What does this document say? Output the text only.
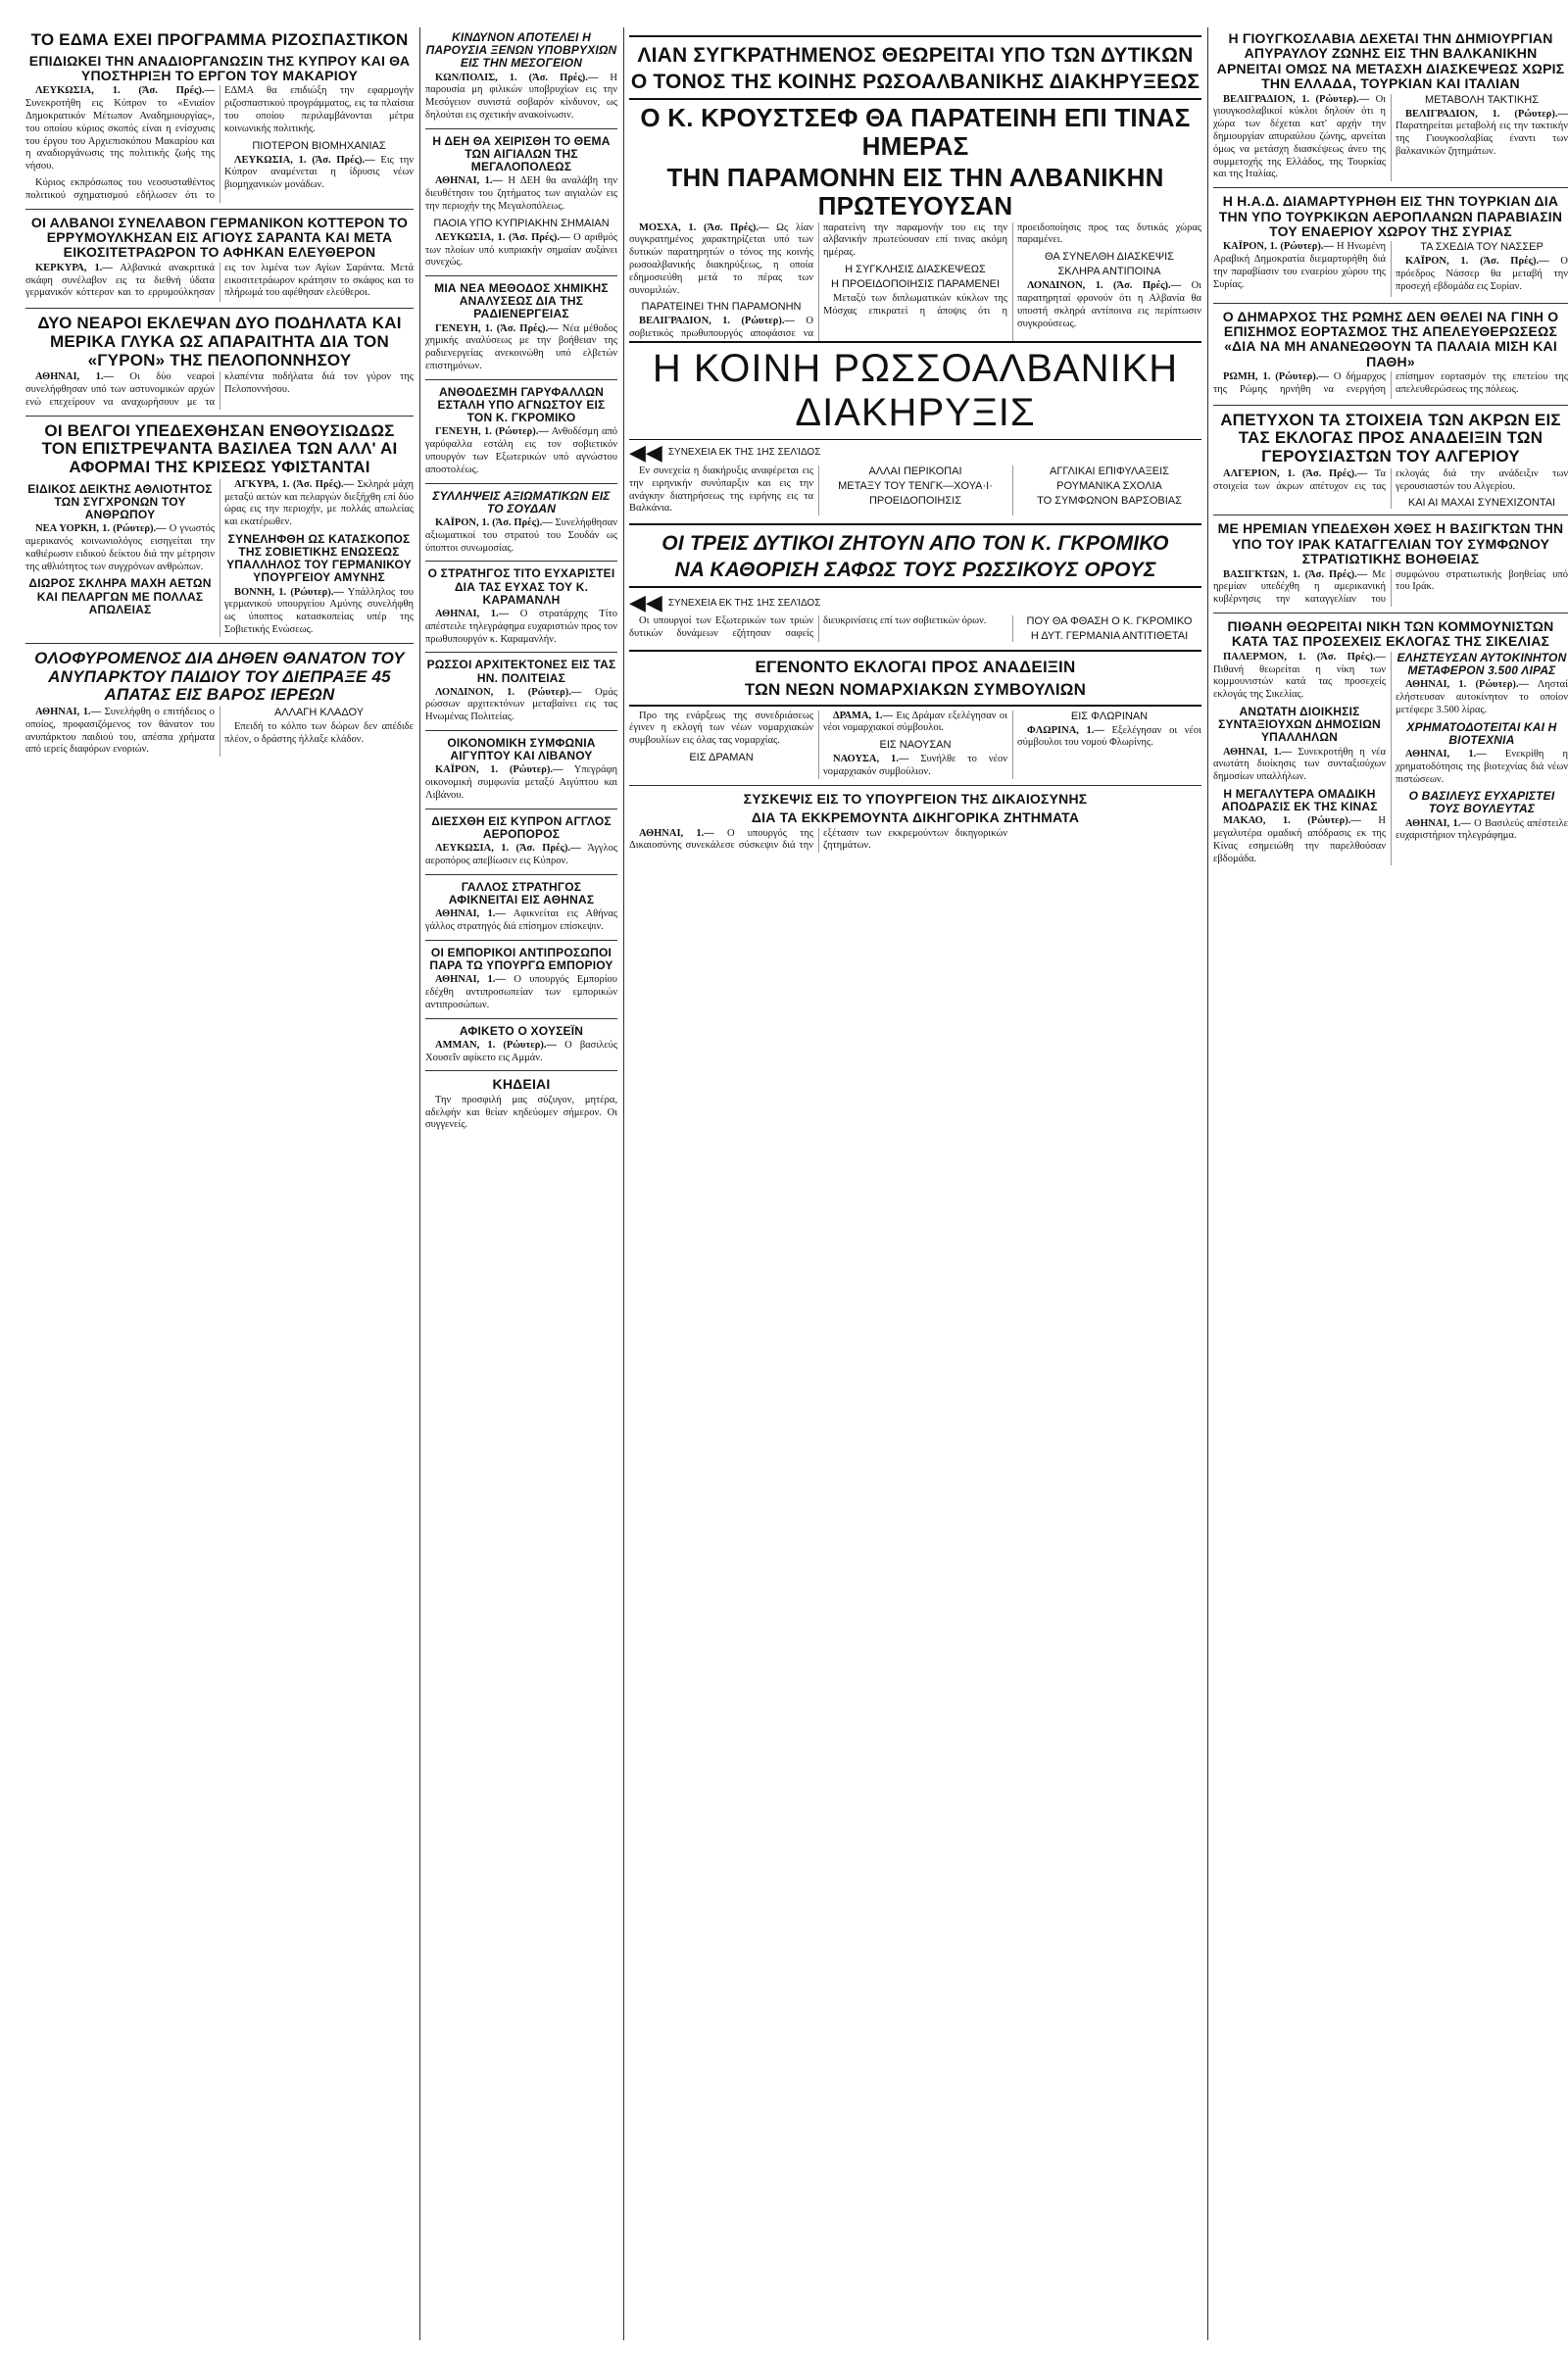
ΤΟ ΕΔΜΑ ΕΧΕΙ ΠΡΟΓΡΑΜΜΑ ΡΙΖΟΣΠΑΣΤΙΚΟΝ
ΕΠΙΔΙΩΚΕΙ ΤΗΝ ΑΝΑΔΙΟΡΓΑΝΩΣΙΝ ΤΗΣ ΚΥΠΡΟΥ ΚΑΙ ΘΑ ΥΠΟΣΤΗΡΙΞΗ ΤΟ ΕΡΓΟΝ ΤΟΥ ΜΑΚΑΡΙΟΥ

ΛΕΥΚΩΣΙΑ, 1. (Άσ. Πρές).— Συνεκροτήθη εις Κύπρον το «Ενιαίον Δημοκρατικόν Μέτωπον Αναδημιουργίας», του οποίου κύριος σκοπός είναι η ενίσχυσις του έργου του Αρχιεπισκόπου Μακαρίου και η αναδιοργάνωσις της πολιτικής ζωής της νήσου.

Κύριος εκπρόσωπος του νεοσυσταθέντος πολιτικού σχηματισμού εδήλωσεν ότι το ΕΔΜΑ θα επιδιώξη την εφαρμογήν ριζοσπαστικού προγράμματος, εις τα πλαίσια του οποίου περιλαμβάνονται μέτρα κοινωνικής πολιτικής.

ΠΙΟΤΕΡΟΝ ΒΙΟΜΗΧΑΝΙΑΣ

ΛΕΥΚΩΣΙΑ, 1. (Άσ. Πρές).— Εις την Κύπρον αναμένεται η ίδρυσις νέων βιομηχανικών μονάδων.

ΟΙ ΑΛΒΑΝΟΙ ΣΥΝΕΛΑΒΟΝ ΓΕΡΜΑΝΙΚΟΝ ΚΟΤΤΕΡΟΝ ΤΟ ΕΡΡΥΜΟΥΛΚΗΣΑΝ ΕΙΣ ΑΓΙΟΥΣ ΣΑΡΑΝΤΑ ΚΑΙ ΜΕΤΑ ΕΙΚΟΣΙΤΕΤΡΑΩΡΟΝ ΤΟ ΑΦΗΚΑΝ ΕΛΕΥΘΕΡΟΝ

ΚΕΡΚΥΡΑ, 1.— Αλβανικά ανακριτικά σκάφη συνέλαβον εις τα διεθνή ύδατα γερμανικόν κόττερον και το ερρυμούλκησαν εις τον λιμένα των Αγίων Σαράντα. Μετά εικοσιτετράωρον κράτησιν το σκάφος και το πλήρωμά του αφέθησαν ελεύθεροι.

ΔΥΟ ΝΕΑΡΟΙ ΕΚΛΕΨΑΝ ΔΥΟ ΠΟΔΗΛΑΤΑ ΚΑΙ ΜΕΡΙΚΑ ΓΛΥΚΑ ΩΣ ΑΠΑΡΑΙΤΗΤΑ ΔΙΑ ΤΟΝ «ΓΥΡΟΝ» ΤΗΣ ΠΕΛΟΠΟΝΝΗΣΟΥ

ΑΘΗΝΑΙ, 1.— Οι δύο νεαροί συνελήφθησαν υπό των αστυνομικών αρχών ενώ επεχείρουν να αναχωρήσουν με τα κλαπέντα ποδήλατα διά τον γύρον της Πελοποννήσου.

ΟΙ ΒΕΛΓΟΙ ΥΠΕΔΕΧΘΗΣΑΝ ΕΝΘΟΥΣΙΩΔΩΣ ΤΟΝ ΕΠΙΣΤΡΕΨΑΝΤΑ ΒΑΣΙΛΕΑ ΤΩΝ ΑΛΛ' ΑΙ ΑΦΟΡΜΑΙ ΤΗΣ ΚΡΙΣΕΩΣ ΥΦΙΣΤΑΝΤΑΙ
ΕΙΔΙΚΟΣ ΔΕΙΚΤΗΣ ΑΘΛΙΟΤΗΤΟΣ ΤΩΝ ΣΥΓΧΡΟΝΩΝ ΤΟΥ ΑΝΘΡΩΠΟΥ

ΝΕΑ ΥΟΡΚΗ, 1. (Ρώυτερ).— Ο γνωστός αμερικανός κοινωνιολόγος εισηγείται την καθιέρωσιν ειδικού δείκτου διά την μέτρησιν της αθλιότητος των συγχρόνων ανθρώπων.

ΔΙΩΡΟΣ ΣΚΛΗΡΑ ΜΑΧΗ ΑΕΤΩΝ ΚΑΙ ΠΕΛΑΡΓΩΝ ΜΕ ΠΟΛΛΑΣ ΑΠΩΛΕΙΑΣ

ΑΓΚΥΡΑ, 1. (Άσ. Πρές).— Σκληρά μάχη μεταξύ αετών και πελαργών διεξήχθη επί δύο ώρας εις την περιοχήν, με πολλάς απωλείας και εκατέρωθεν.

ΣΥΝΕΛΗΦΘΗ ΩΣ ΚΑΤΑΣΚΟΠΟΣ ΤΗΣ ΣΟΒΙΕΤΙΚΗΣ ΕΝΩΣΕΩΣ ΥΠΑΛΛΗΛΟΣ ΤΟΥ ΓΕΡΜΑΝΙΚΟΥ ΥΠΟΥΡΓΕΙΟΥ ΑΜΥΝΗΣ

ΒΟΝΝΗ, 1. (Ρώυτερ).— Υπάλληλος του γερμανικού υπουργείου Αμύνης συνελήφθη ως ύποπτος κατασκοπείας υπέρ της Σοβιετικής Ενώσεως.

ΟΛΟΦΥΡΟΜΕΝΟΣ ΔΙΑ ΔΗΘΕΝ ΘΑΝΑΤΟΝ ΤΟΥ ΑΝΥΠΑΡΚΤΟΥ ΠΑΙΔΙΟΥ ΤΟΥ ΔΙΕΠΡΑΞΕ 45 ΑΠΑΤΑΣ ΕΙΣ ΒΑΡΟΣ ΙΕΡΕΩΝ

ΑΘΗΝΑΙ, 1.— Συνελήφθη ο επιτήδειος ο οποίος, προφασιζόμενος τον θάνατον του ανυπάρκτου παιδιού του, απέσπα χρήματα από ιερείς διαφόρων ενοριών.

ΑΛΛΑΓΗ ΚΛΑΔΟΥ

Επειδή το κόλπο των δώρων δεν απέδιδε πλέον, ο δράστης ήλλαξε κλάδον.

ΚΙΝΔΥΝΟΝ ΑΠΟΤΕΛΕΙ Η ΠΑΡΟΥΣΙΑ ΞΕΝΩΝ ΥΠΟΒΡΥΧΙΩΝ ΕΙΣ ΤΗΝ ΜΕΣΟΓΕΙΟΝ

ΚΩΝ/ΠΟΛΙΣ, 1. (Άσ. Πρές).— Η παρουσία μη φιλικών υποβρυχίων εις την Μεσόγειον συνιστά σοβαρόν κίνδυνον, ως δηλούται εις σχετικήν ανακοίνωσιν.

Η ΔΕΗ ΘΑ ΧΕΙΡΙΣΘΗ ΤΟ ΘΕΜΑ ΤΩΝ ΑΙΓΙΑΛΩΝ ΤΗΣ ΜΕΓΑΛΟΠΟΛΕΩΣ

ΑΘΗΝΑΙ, 1.— Η ΔΕΗ θα αναλάβη την διευθέτησιν του ζητήματος των αιγιαλών εις την περιοχήν της Μεγαλοπόλεως.

ΠΑΟΙΑ ΥΠΟ ΚΥΠΡΙΑΚΗΝ ΣΗΜΑΙΑΝ

ΛΕΥΚΩΣΙΑ, 1. (Άσ. Πρές).— Ο αριθμός των πλοίων υπό κυπριακήν σημαίαν αυξάνει συνεχώς.

ΜΙΑ ΝΕΑ ΜΕΘΟΔΟΣ ΧΗΜΙΚΗΣ ΑΝΑΛΥΣΕΩΣ ΔΙΑ ΤΗΣ ΡΑΔΙΕΝΕΡΓΕΙΑΣ

ΓΕΝΕΥΗ, 1. (Άσ. Πρές).— Νέα μέθοδος χημικής αναλύσεως με την βοήθειαν της ραδιενεργείας ανεκοινώθη υπό ελβετών επιστημόνων.

ΑΝΘΟΔΕΣΜΗ ΓΑΡΥΦΑΛΛΩΝ ΕΣΤΑΛΗ ΥΠΟ ΑΓΝΩΣΤΟΥ ΕΙΣ ΤΟΝ Κ. ΓΚΡΟΜΙΚΟ

ΓΕΝΕΥΗ, 1. (Ρώυτερ).— Ανθοδέσμη από γαρύφαλλα εστάλη εις τον σοβιετικόν υπουργόν των Εξωτερικών υπό αγνώστου αποστολέως.

ΣΥΛΛΗΨΕΙΣ ΑΞΙΩΜΑΤΙΚΩΝ ΕΙΣ ΤΟ ΣΟΥΔΑΝ

ΚΑΪΡΟΝ, 1. (Άσ. Πρές).— Συνελήφθησαν αξιωματικοί του στρατού του Σουδάν ως ύποπτοι συνωμοσίας.

Ο ΣΤΡΑΤΗΓΟΣ ΤΙΤΟ ΕΥΧΑΡΙΣΤΕΙ ΔΙΑ ΤΑΣ ΕΥΧΑΣ ΤΟΥ Κ. ΚΑΡΑΜΑΝΛΗ

ΑΘΗΝΑΙ, 1.— Ο στρατάρχης Τίτο απέστειλε τηλεγράφημα ευχαριστιών προς τον πρωθυπουργόν κ. Καραμανλήν.

ΡΩΣΣΟΙ ΑΡΧΙΤΕΚΤΟΝΕΣ ΕΙΣ ΤΑΣ ΗΝ. ΠΟΛΙΤΕΙΑΣ

ΛΟΝΔΙΝΟΝ, 1. (Ρώυτερ).— Ομάς ρώσσων αρχιτεκτόνων μεταβαίνει εις τας Ηνωμένας Πολιτείας.

ΟΙΚΟΝΟΜΙΚΗ ΣΥΜΦΩΝΙΑ ΑΙΓΥΠΤΟΥ ΚΑΙ ΛΙΒΑΝΟΥ

ΚΑΪΡΟΝ, 1. (Ρώυτερ).— Υπεγράφη οικονομική συμφωνία μεταξύ Αιγύπτου και Λιβάνου.

ΔΙΕΣΧΘΗ ΕΙΣ ΚΥΠΡΟΝ ΑΓΓΛΟΣ ΑΕΡΟΠΟΡΟΣ

ΛΕΥΚΩΣΙΑ, 1. (Άσ. Πρές).— Άγγλος αεροπόρος απεβίωσεν εις Κύπρον.

ΓΑΛΛΟΣ ΣΤΡΑΤΗΓΟΣ ΑΦΙΚΝΕΙΤΑΙ ΕΙΣ ΑΘΗΝΑΣ

ΑΘΗΝΑΙ, 1.— Αφικνείται εις Αθήνας γάλλος στρατηγός διά επίσημον επίσκεψιν.

ΟΙ ΕΜΠΟΡΙΚΟΙ ΑΝΤΙΠΡΟΣΩΠΟΙ ΠΑΡΑ ΤΩ ΥΠΟΥΡΓΩ ΕΜΠΟΡΙΟΥ

ΑΘΗΝΑΙ, 1.— Ο υπουργός Εμπορίου εδέχθη αντιπροσωπείαν των εμπορικών αντιπροσώπων.

ΑΦΙΚΕΤΟ Ο ΧΟΥΣΕΪΝ

ΑΜΜΑΝ, 1. (Ρώυτερ).— Ο βασιλεύς Χουσεΐν αφίκετο εις Αμμάν.

ΚΗΔΕΙΑΙ

Την προσφιλή μας σύζυγον, μητέρα, αδελφήν και θείαν κηδεύομεν σήμερον. Οι συγγενείς.

ΛΙΑΝ ΣΥΓΚΡΑΤΗΜΕΝΟΣ ΘΕΩΡΕΙΤΑΙ ΥΠΟ ΤΩΝ ΔΥΤΙΚΩΝ
Ο ΤΟΝΟΣ ΤΗΣ ΚΟΙΝΗΣ ΡΩΣΟΑΛΒΑΝΙΚΗΣ ΔΙΑΚΗΡΥΞΕΩΣ
Ο Κ. ΚΡΟΥΣΤΣΕΦ ΘΑ ΠΑΡΑΤΕΙΝΗ ΕΠΙ ΤΙΝΑΣ ΗΜΕΡΑΣ
ΤΗΝ ΠΑΡΑΜΟΝΗΝ ΕΙΣ ΤΗΝ ΑΛΒΑΝΙΚΗΝ ΠΡΩΤΕΥΟΥΣΑΝ

ΜΟΣΧΑ, 1. (Άσ. Πρές).— Ως λίαν συγκρατημένος χαρακτηρίζεται υπό των δυτικών παρατηρητών ο τόνος της κοινής ρωσοαλβανικής διακηρύξεως, η οποία εδημοσιεύθη μετά το πέρας των συνομιλιών.

ΠΑΡΑΤΕΙΝΕΙ ΤΗΝ ΠΑΡΑΜΟΝΗΝ

ΒΕΛΙΓΡΑΔΙΟΝ, 1. (Ρώυτερ).— Ο σοβιετικός πρωθυπουργός αποφάσισε να παρατείνη την παραμονήν του εις την αλβανικήν πρωτεύουσαν επί τινας ακόμη ημέρας.

Η ΣΥΓΚΛΗΣΙΣ ΔΙΑΣΚΕΨΕΩΣ
Η ΠΡΟΕΙΔΟΠΟΙΗΣΙΣ ΠΑΡΑΜΕΝΕΙ

Μεταξύ των διπλωματικών κύκλων της Μόσχας επικρατεί η άποψις ότι η προειδοποίησις προς τας δυτικάς χώρας παραμένει.

ΘΑ ΣΥΝΕΛΘΗ ΔΙΑΣΚΕΨΙΣ
ΣΚΛΗΡΑ ΑΝΤΙΠΟΙΝΑ

ΛΟΝΔΙΝΟΝ, 1. (Άσ. Πρές).— Οι παρατηρηταί φρονούν ότι η Αλβανία θα υποστή σκληρά αντίποινα εις περίπτωσιν συγκρούσεως.

Η ΚΟΙΝΗ ΡΩΣΣΟΑΛΒΑΝΙΚΗ ΔΙΑΚΗΡΥΞΙΣ
◀◀ ΣΥΝΕΧΕΙΑ ΕΚ ΤΗΣ 1ΗΣ ΣΕΛΊΔΟΣ

Εν συνεχεία η διακήρυξις αναφέρεται εις την ειρηνικήν συνύπαρξιν και εις την ανάγκην διατηρήσεως της ειρήνης εις τα Βαλκάνια.

ΑΛΛΑΙ ΠΕΡΙΚΟΠΑΙ
ΜΕΤΑΞΥ ΤΟΥ ΤΕΝΓΚ—ΧΟΥΑ·Ι·
ΠΡΟΕΙΔΟΠΟΙΗΣΙΣ
ΑΓΓΛΙΚΑΙ ΕΠΙΦΥΛΑΞΕΙΣ
ΡΟΥΜΑΝΙΚΑ ΣΧΟΛΙΑ
ΤΟ ΣΥΜΦΩΝΟΝ ΒΑΡΣΟΒΙΑΣ
ΟΙ ΤΡΕΙΣ ΔΥΤΙΚΟΙ ΖΗΤΟΥΝ ΑΠΟ ΤΟΝ Κ. ΓΚΡΟΜΙΚΟ
ΝΑ ΚΑΘΟΡΙΣΗ ΣΑΦΩΣ ΤΟΥΣ ΡΩΣΣΙΚΟΥΣ ΟΡΟΥΣ
◀◀ ΣΥΝΕΧΕΙΑ ΕΚ ΤΗΣ 1ΗΣ ΣΕΛΊΔΟΣ

Οι υπουργοί των Εξωτερικών των τριών δυτικών δυνάμεων εζήτησαν σαφείς διευκρινίσεις επί των σοβιετικών όρων.	ΠΟΥ ΘΑ ΦΘΑΣΗ Ο Κ. ΓΚΡΟΜΙΚΟ
Η ΔΥΤ. ΓΕΡΜΑΝΙΑ ΑΝΤΙΤΙΘΕΤΑΙ
ΕΓΕΝΟΝΤΟ ΕΚΛΟΓΑΙ ΠΡΟΣ ΑΝΑΔΕΙΞΙΝ
ΤΩΝ ΝΕΩΝ ΝΟΜΑΡΧΙΑΚΩΝ ΣΥΜΒΟΥΛΙΩΝ

Προ της ενάρξεως της συνεδριάσεως έγινεν η εκλογή των νέων νομαρχιακών συμβουλίων εις όλας τας νομαρχίας.

ΕΙΣ ΔΡΑΜΑΝ

ΔΡΑΜΑ, 1.— Εις Δράμαν εξελέγησαν οι νέοι νομαρχιακοί σύμβουλοι.

ΕΙΣ ΝΑΟΥΣΑΝ

ΝΑΟΥΣΑ, 1.— Συνήλθε το νέον νομαρχιακόν συμβούλιον.

ΕΙΣ ΦΛΩΡΙΝΑΝ

ΦΛΩΡΙΝΑ, 1.— Εξελέγησαν οι νέοι σύμβουλοι του νομού Φλωρίνης.

ΣΥΣΚΕΨΙΣ ΕΙΣ ΤΟ ΥΠΟΥΡΓΕΙΟΝ ΤΗΣ ΔΙΚΑΙΟΣΥΝΗΣ
ΔΙΑ ΤΑ ΕΚΚΡΕΜΟΥΝΤΑ ΔΙΚΗΓΟΡΙΚΑ ΖΗΤΗΜΑΤΑ

ΑΘΗΝΑΙ, 1.— Ο υπουργός της Δικαιοσύνης συνεκάλεσε σύσκεψιν διά την εξέτασιν των εκκρεμούντων δικηγορικών ζητημάτων.

Η ΓΙΟΥΓΚΟΣΛΑΒΙΑ ΔΕΧΕΤΑΙ ΤΗΝ ΔΗΜΙΟΥΡΓΙΑΝ ΑΠΥΡΑΥΛΟΥ ΖΩΝΗΣ ΕΙΣ ΤΗΝ ΒΑΛΚΑΝΙΚΗΝ ΑΡΝΕΙΤΑΙ ΟΜΩΣ ΝΑ ΜΕΤΑΣΧΗ ΔΙΑΣΚΕΨΕΩΣ ΧΩΡΙΣ ΤΗΝ ΕΛΛΑΔΑ, ΤΟΥΡΚΙΑΝ ΚΑΙ ΙΤΑΛΙΑΝ

ΒΕΛΙΓΡΑΔΙΟΝ, 1. (Ρώυτερ).— Οι γιουγκοσλαβικοί κύκλοι δηλούν ότι η χώρα των δέχεται κατ' αρχήν την δημιουργίαν απυραύλου ζώνης, αρνείται όμως να μετάσχη διασκέψεως άνευ της συμμετοχής της Ελλάδος, της Τουρκίας και της Ιταλίας.

ΜΕΤΑΒΟΛΗ ΤΑΚΤΙΚΗΣ

ΒΕΛΙΓΡΑΔΙΟΝ, 1. (Ρώυτερ).— Παρατηρείται μεταβολή εις την τακτικήν της Γιουγκοσλαβίας έναντι των βαλκανικών ζητημάτων.

Η Η.Α.Δ. ΔΙΑΜΑΡΤΥΡΗΘΗ ΕΙΣ ΤΗΝ ΤΟΥΡΚΙΑΝ ΔΙΑ ΤΗΝ ΥΠΟ ΤΟΥΡΚΙΚΩΝ ΑΕΡΟΠΛΑΝΩΝ ΠΑΡΑΒΙΑΣΙΝ ΤΟΥ ΕΝΑΕΡΙΟΥ ΧΩΡΟΥ ΤΗΣ ΣΥΡΙΑΣ

ΚΑΪΡΟΝ, 1. (Ρώυτερ).— Η Ηνωμένη Αραβική Δημοκρατία διεμαρτυρήθη διά την παραβίασιν του εναερίου χώρου της Συρίας.

ΤΑ ΣΧΕΔΙΑ ΤΟΥ ΝΑΣΣΕΡ

ΚΑΪΡΟΝ, 1. (Άσ. Πρές).— Ο πρόεδρος Νάσσερ θα μεταβή την προσεχή εβδομάδα εις Συρίαν.

Ο ΔΗΜΑΡΧΟΣ ΤΗΣ ΡΩΜΗΣ ΔΕΝ ΘΕΛΕΙ ΝΑ ΓΙΝΗ Ο ΕΠΙΣΗΜΟΣ ΕΟΡΤΑΣΜΟΣ ΤΗΣ ΑΠΕΛΕΥΘΕΡΩΣΕΩΣ «ΔΙΑ ΝΑ ΜΗ ΑΝΑΝΕΩΘΟΥΝ ΤΑ ΠΑΛΑΙΑ ΜΙΣΗ ΚΑΙ ΠΑΘΗ»

ΡΩΜΗ, 1. (Ρώυτερ).— Ο δήμαρχος της Ρώμης ηρνήθη να ενεργήση επίσημον εορτασμόν της επετείου της απελευθερώσεως της πόλεως.

ΑΠΕΤΥΧΟΝ ΤΑ ΣΤΟΙΧΕΙΑ ΤΩΝ ΑΚΡΩΝ ΕΙΣ ΤΑΣ ΕΚΛΟΓΑΣ ΠΡΟΣ ΑΝΑΔΕΙΞΙΝ ΤΩΝ ΓΕΡΟΥΣΙΑΣΤΩΝ ΤΟΥ ΑΛΓΕΡΙΟΥ

ΑΛΓΕΡΙΟΝ, 1. (Άσ. Πρές).— Τα στοιχεία των άκρων απέτυχον εις τας εκλογάς διά την ανάδειξιν των γερουσιαστών του Αλγερίου.

ΚΑΙ ΑΙ ΜΑΧΑΙ ΣΥΝΕΧΙΖΟΝΤΑΙ
ΜΕ ΗΡΕΜΙΑΝ ΥΠΕΔΕΧΘΗ ΧΘΕΣ Η ΒΑΣΙΓΚΤΩΝ ΤΗΝ ΥΠΟ ΤΟΥ ΙΡΑΚ ΚΑΤΑΓΓΕΛΙΑΝ ΤΟΥ ΣΥΜΦΩΝΟΥ ΣΤΡΑΤΙΩΤΙΚΗΣ ΒΟΗΘΕΙΑΣ

ΒΑΣΙΓΚΤΩΝ, 1. (Άσ. Πρές).— Με ηρεμίαν υπεδέχθη η αμερικανική κυβέρνησις την καταγγελίαν του συμφώνου στρατιωτικής βοηθείας υπό του Ιράκ.

ΠΙΘΑΝΗ ΘΕΩΡΕΙΤΑΙ ΝΙΚΗ ΤΩΝ ΚΟΜΜΟΥΝΙΣΤΩΝ ΚΑΤΑ ΤΑΣ ΠΡΟΣΕΧΕΙΣ ΕΚΛΟΓΑΣ ΤΗΣ ΣΙΚΕΛΙΑΣ

ΠΑΛΕΡΜΟΝ, 1. (Άσ. Πρές).— Πιθανή θεωρείται η νίκη των κομμουνιστών κατά τας προσεχείς εκλογάς της Σικελίας.

ΑΝΩΤΑΤΗ ΔΙΟΙΚΗΣΙΣ ΣΥΝΤΑΞΙΟΥΧΩΝ ΔΗΜΟΣΙΩΝ ΥΠΑΛΛΗΛΩΝ

ΑΘΗΝΑΙ, 1.— Συνεκροτήθη η νέα ανωτάτη διοίκησις των συνταξιούχων δημοσίων υπαλλήλων.

Η ΜΕΓΑΛΥΤΕΡΑ ΟΜΑΔΙΚΗ ΑΠΟΔΡΑΣΙΣ ΕΚ ΤΗΣ ΚΙΝΑΣ

ΜΑΚΑΟ, 1. (Ρώυτερ).— Η μεγαλυτέρα ομαδική απόδρασις εκ της Κίνας εσημειώθη την παρελθούσαν εβδομάδα.

ΕΛΗΣΤΕΥΣΑΝ ΑΥΤΟΚΙΝΗΤΟΝ ΜΕΤΑΦΕΡΟΝ 3.500 ΛΙΡΑΣ

ΑΘΗΝΑΙ, 1. (Ρώυτερ).— Λησταί ελήστευσαν αυτοκίνητον το οποίον μετέφερε 3.500 λίρας.

ΧΡΗΜΑΤΟΔΟΤΕΙΤΑΙ ΚΑΙ Η ΒΙΟΤΕΧΝΙΑ

ΑΘΗΝΑΙ, 1.— Ενεκρίθη η χρηματοδότησις της βιοτεχνίας διά νέων πιστώσεων.

Ο ΒΑΣΙΛΕΥΣ ΕΥΧΑΡΙΣΤΕΙ ΤΟΥΣ ΒΟΥΛΕΥΤΑΣ

ΑΘΗΝΑΙ, 1.— Ο Βασιλεύς απέστειλε ευχαριστήριον τηλεγράφημα.
